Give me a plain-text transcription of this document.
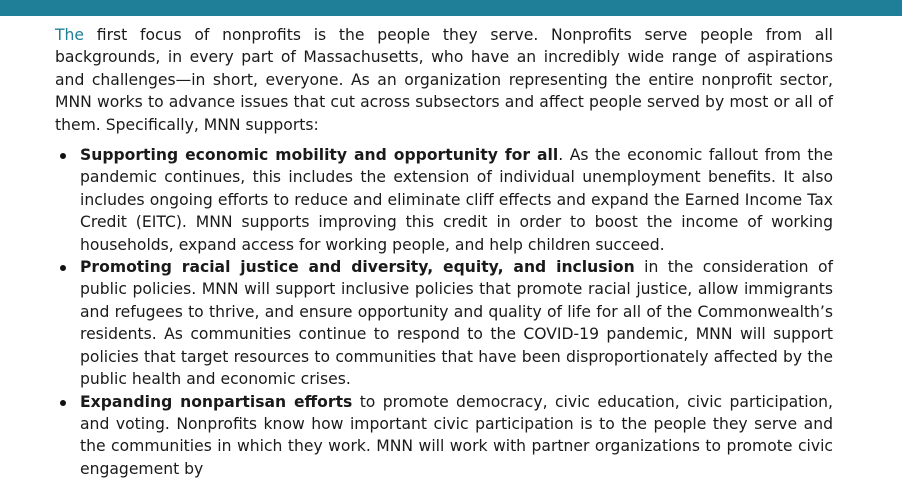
The first focus of nonprofits is the people they serve. Nonprofits serve people from all backgrounds, in every part of Massachusetts, who have an incredibly wide range of aspirations and challenges—in short, everyone. As an organization representing the entire nonprofit sector, MNN works to advance issues that cut across subsectors and affect people served by most or all of them. Specifically, MNN supports:

Supporting economic mobility and opportunity for all. As the economic fallout from the pandemic continues, this includes the extension of individual unemployment benefits. It also includes ongoing efforts to reduce and eliminate cliff effects and expand the Earned Income Tax Credit (EITC). MNN supports improving this credit in order to boost the income of working households, expand access for working people, and help children succeed.

Promoting racial justice and diversity, equity, and inclusion in the consideration of public policies. MNN will support inclusive policies that promote racial justice, allow immigrants and refugees to thrive, and ensure opportunity and quality of life for all of the Commonwealth’s residents. As communities continue to respond to the COVID-19 pandemic, MNN will support policies that target resources to communities that have been disproportionately affected by the public health and economic crises.

Expanding nonpartisan efforts to promote democracy, civic education, civic participation, and voting. Nonprofits know how important civic participation is to the people they serve and the communities in which they work. MNN will work with partner organizations to promote civic engagement by
